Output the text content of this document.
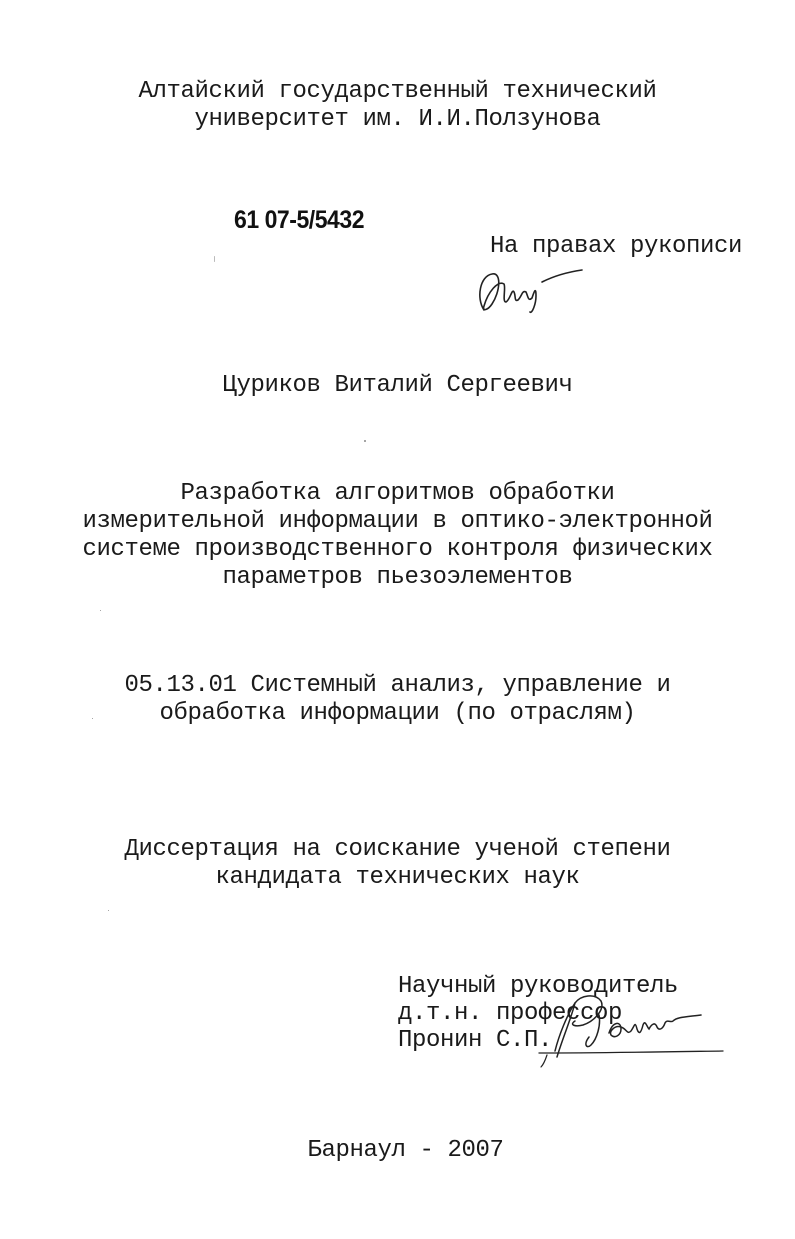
Алтайский государственный технический
университет им. И.И.Ползунова
61 07-5/5432
На правах рукописи
Цуриков Виталий Сергеевич
Разработка алгоритмов обработки
измерительной информации в оптико-электронной
системе производственного контроля физических
параметров пьезоэлементов
05.13.01 Системный анализ, управление и
обработка информации (по отраслям)
Диссертация на соискание ученой степени
кандидата технических наук
Научный руководитель
д.т.н. профессор
Пронин С.П.
Барнаул - 2007
